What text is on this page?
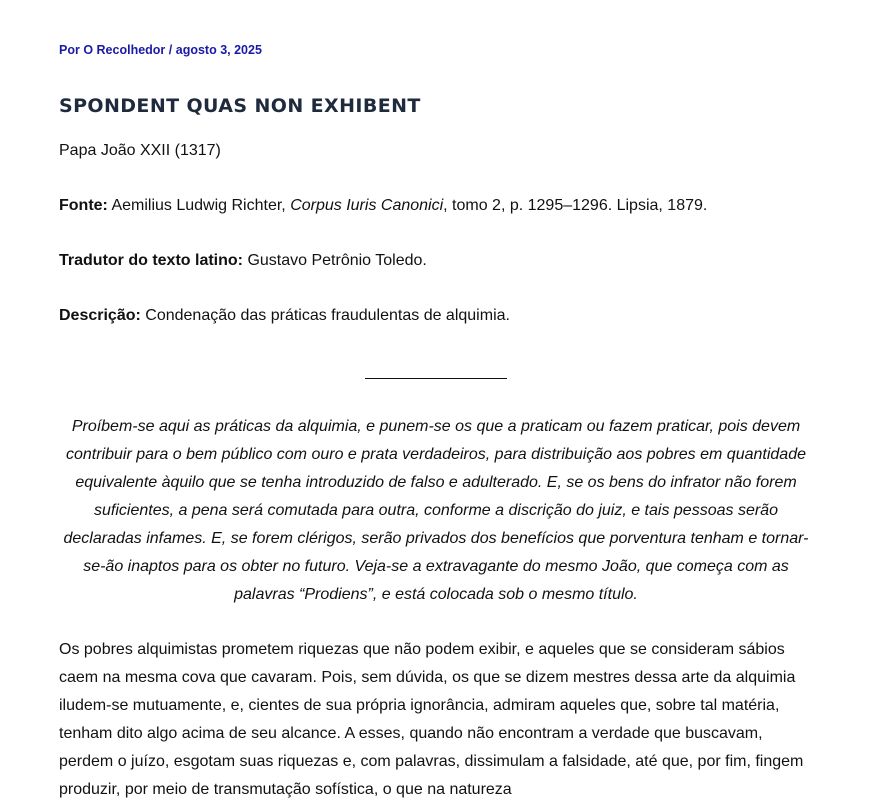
Por O Recolhedor / agosto 3, 2025
SPONDENT QUAS NON EXHIBENT

Papa João XXII (1317)

Fonte: Aemilius Ludwig Richter, Corpus Iuris Canonici, tomo 2, p. 1295–1296. Lipsia, 1879.

Tradutor do texto latino: Gustavo Petrônio Toledo.

Descrição: Condenação das práticas fraudulentas de alquimia.

Proíbem-se aqui as práticas da alquimia, e punem-se os que a praticam ou fazem praticar, pois devem contribuir para o bem público com ouro e prata verdadeiros, para distribuição aos pobres em quantidade equivalente àquilo que se tenha introduzido de falso e adulterado. E, se os bens do infrator não forem suficientes, a pena será comutada para outra, conforme a discrição do juiz, e tais pessoas serão declaradas infames. E, se forem clérigos, serão privados dos benefícios que porventura tenham e tornar-se-ão inaptos para os obter no futuro. Veja-se a extravagante do mesmo João, que começa com as palavras “Prodiens”, e está colocada sob o mesmo título.

Os pobres alquimistas prometem riquezas que não podem exibir, e aqueles que se consideram sábios caem na mesma cova que cavaram. Pois, sem dúvida, os que se dizem mestres dessa arte da alquimia iludem-se mutuamente, e, cientes de sua própria ignorância, admiram aqueles que, sobre tal matéria, tenham dito algo acima de seu alcance. A esses, quando não encontram a verdade que buscavam, perdem o juízo, esgotam suas riquezas e, com palavras, dissimulam a falsidade, até que, por fim, fingem produzir, por meio de transmutação sofística, o que na natureza
